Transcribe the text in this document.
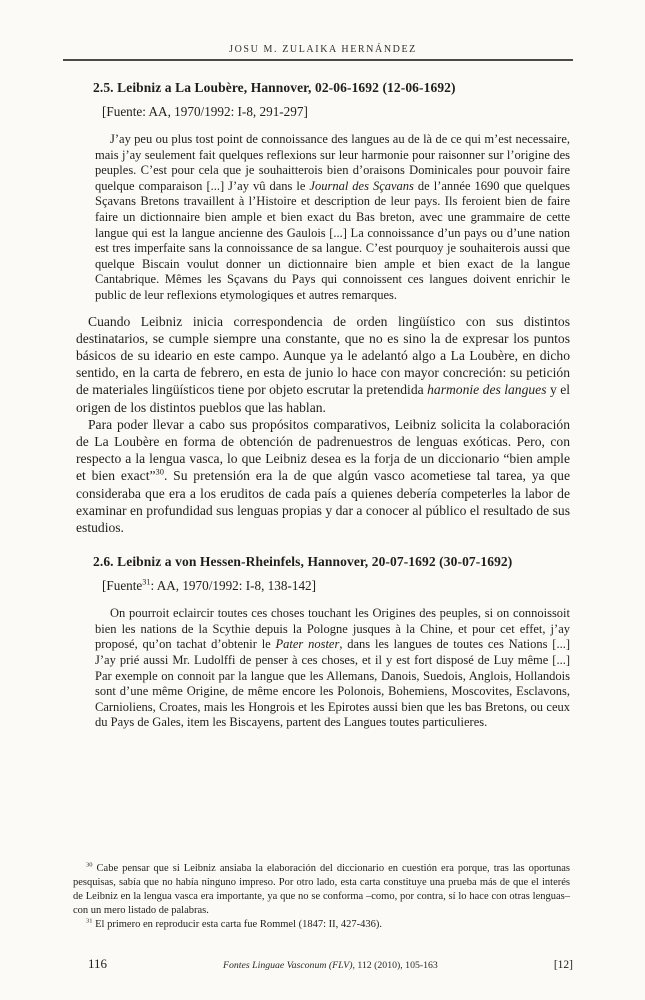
JOSU M. ZULAIKA HERNÁNDEZ
2.5. Leibniz a La Loubère, Hannover, 02-06-1692 (12-06-1692)
[Fuente: AA, 1970/1992: I-8, 291-297]

J’ay peu ou plus tost point de connoissance des langues au de là de ce qui m’est necessaire, mais j’ay seulement fait quelques reflexions sur leur harmonie pour raisonner sur l’origine des peuples. C’est pour cela que je souhaitterois bien d’oraisons Dominicales pour pouvoir faire quelque comparaison [...] J’ay vû dans le Journal des Sçavans de l’année 1690 que quelques Sçavans Bretons travaillent à l’Histoire et description de leur pays. Ils feroient bien de faire faire un dictionnaire bien ample et bien exact du Bas breton, avec une grammaire de cette langue qui est la langue ancienne des Gaulois [...] La connoissance d’un pays ou d’une nation est tres imperfaite sans la connoissance de sa langue. C’est pourquoy je souhaiterois aussi que quelque Biscain voulut donner un dictionnaire bien ample et bien exact de la langue Cantabrique. Mêmes les Sçavans du Pays qui connoissent ces langues doivent enrichir le public de leur reflexions etymologiques et autres remarques.

Cuando Leibniz inicia correspondencia de orden lingüístico con sus distintos destinatarios, se cumple siempre una constante, que no es sino la de expresar los puntos básicos de su ideario en este campo. Aunque ya le adelantó algo a La Loubère, en dicho sentido, en la carta de febrero, en esta de junio lo hace con mayor concreción: su petición de materiales lingüísticos tiene por objeto escrutar la pretendida harmonie des langues y el origen de los distintos pueblos que las hablan.

Para poder llevar a cabo sus propósitos comparativos, Leibniz solicita la colaboración de La Loubère en forma de obtención de padrenuestros de lenguas exóticas. Pero, con respecto a la lengua vasca, lo que Leibniz desea es la forja de un diccionario “bien ample et bien exact”$^{30}$. Su pretensión era la de que algún vasco acometiese tal tarea, ya que consideraba que era a los eruditos de cada país a quienes debería competerles la labor de examinar en profundidad sus lenguas propias y dar a conocer al público el resultado de sus estudios.

2.6. Leibniz a von Hessen-Rheinfels, Hannover, 20-07-1692 (30-07-1692)
[Fuente$^{31}$: AA, 1970/1992: I-8, 138-142]

On pourroit eclaircir toutes ces choses touchant les Origines des peuples, si on connoissoit bien les nations de la Scythie depuis la Pologne jusques à la Chine, et pour cet effet, j’ay proposé, qu’on tachat d’obtenir le Pater noster, dans les langues de toutes ces Nations [...] J’ay prié aussi Mr. Ludolffi de penser à ces choses, et il y est fort disposé de Luy même [...] Par exemple on connoit par la langue que les Allemans, Danois, Suedois, Anglois, Hollandois sont d’une même Origine, de même encore les Polonois, Bohemiens, Moscovites, Esclavons, Carnioliens, Croates, mais les Hongrois et les Epirotes aussi bien que les bas Bretons, ou ceux du Pays de Gales, item les Biscayens, partent des Langues toutes particulieres.

$^{30}$ Cabe pensar que si Leibniz ansiaba la elaboración del diccionario en cuestión era porque, tras las oportunas pesquisas, sabía que no había ninguno impreso. Por otro lado, esta carta constituye una prueba más de que el interés de Leibniz en la lengua vasca era importante, ya que no se conforma –como, por contra, sí lo hace con otras lenguas– con un mero listado de palabras.

$^{31}$ El primero en reproducir esta carta fue Rommel (1847: II, 427-436).

116	Fontes Linguae Vasconum (FLV), 112 (2010), 105-163	[12]
